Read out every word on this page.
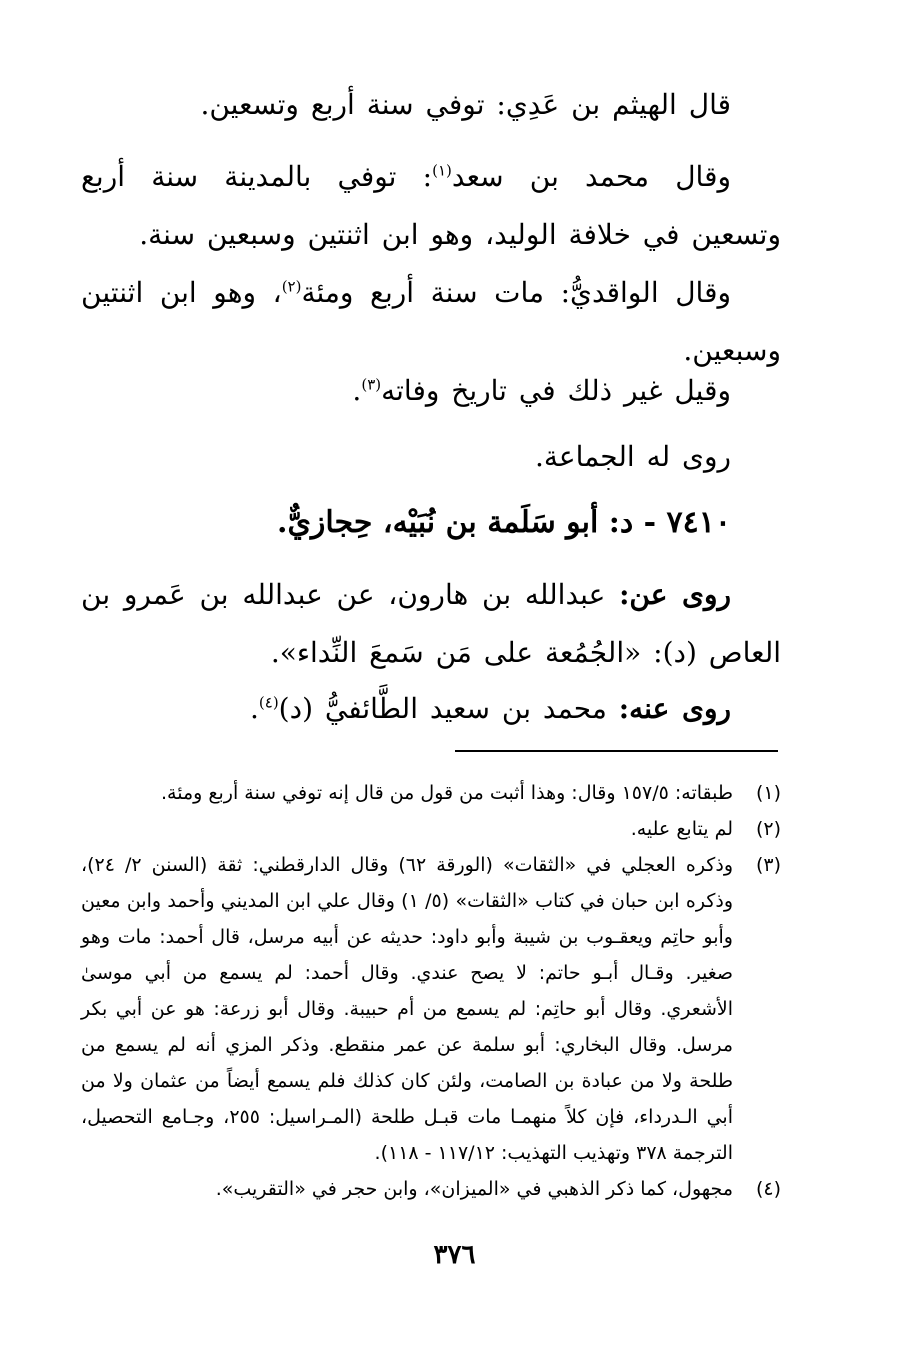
قال الهيثم بن عَدِي: توفي سنة أربع وتسعين.
وقال محمد بن سعد$^{(١)}$: توفي بالمدينة سنة أربع وتسعين في خلافة الوليد، وهو ابن اثنتين وسبعين سنة.
وقال الواقديُّ: مات سنة أربع ومئة$^{(٢)}$، وهو ابن اثنتين وسبعين.
وقيل غير ذلك في تاريخ وفاته$^{(٣)}$.
روى له الجماعة.
٧٤١٠ - د: أبو سَلَمة بن نُبَيْه، حِجازيٌّ.
روى عن: عبدالله بن هارون، عن عبدالله بن عَمرو بن العاص (د): «الجُمُعة على مَن سَمعَ النِّداء».
روى عنه: محمد بن سعيد الطَّائفيُّ (د)$^{(٤)}$.
(١)
طبقاته: ١٥٧/٥ وقال: وهذا أثبت من قول من قال إنه توفي سنة أربع ومئة.
(٢)
لم يتابع عليه.
(٣)
وذكره العجلي في «الثقات» (الورقة ٦٢) وقال الدارقطني: ثقة (السنن ٢/ ٢٤)، وذكره ابن حبان في كتاب «الثقات» (٥/ ١) وقال علي ابن المديني وأحمد وابن معين وأبو حاتِم ويعقـوب بن شيبة وأبو داود: حديثه عن أبيه مرسل، قال أحمد: مات وهو صغير. وقـال أبـو حاتم: لا يصح عندي. وقال أحمد: لم يسمع من أبي موسىٰ الأشعري. وقال أبو حاتِم: لم يسمع من أم حبيبة. وقال أبو زرعة: هو عن أبي بكر مرسل. وقال البخاري: أبو سلمة عن عمر منقطع. وذكر المزي أنه لم يسمع من طلحة ولا من عبادة بن الصامت، ولئن كان كذلك فلم يسمع أيضاً من عثمان ولا من أبي الـدرداء، فإن كلاً منهمـا مات قبـل طلحة (المـراسيل: ٢٥٥، وجـامع التحصيل، الترجمة ٣٧٨ وتهذيب التهذيب: ١١٧/١٢ - ١١٨).
(٤)
مجهول، كما ذكر الذهبي في «الميزان»، وابن حجر في «التقريب».
٣٧٦
